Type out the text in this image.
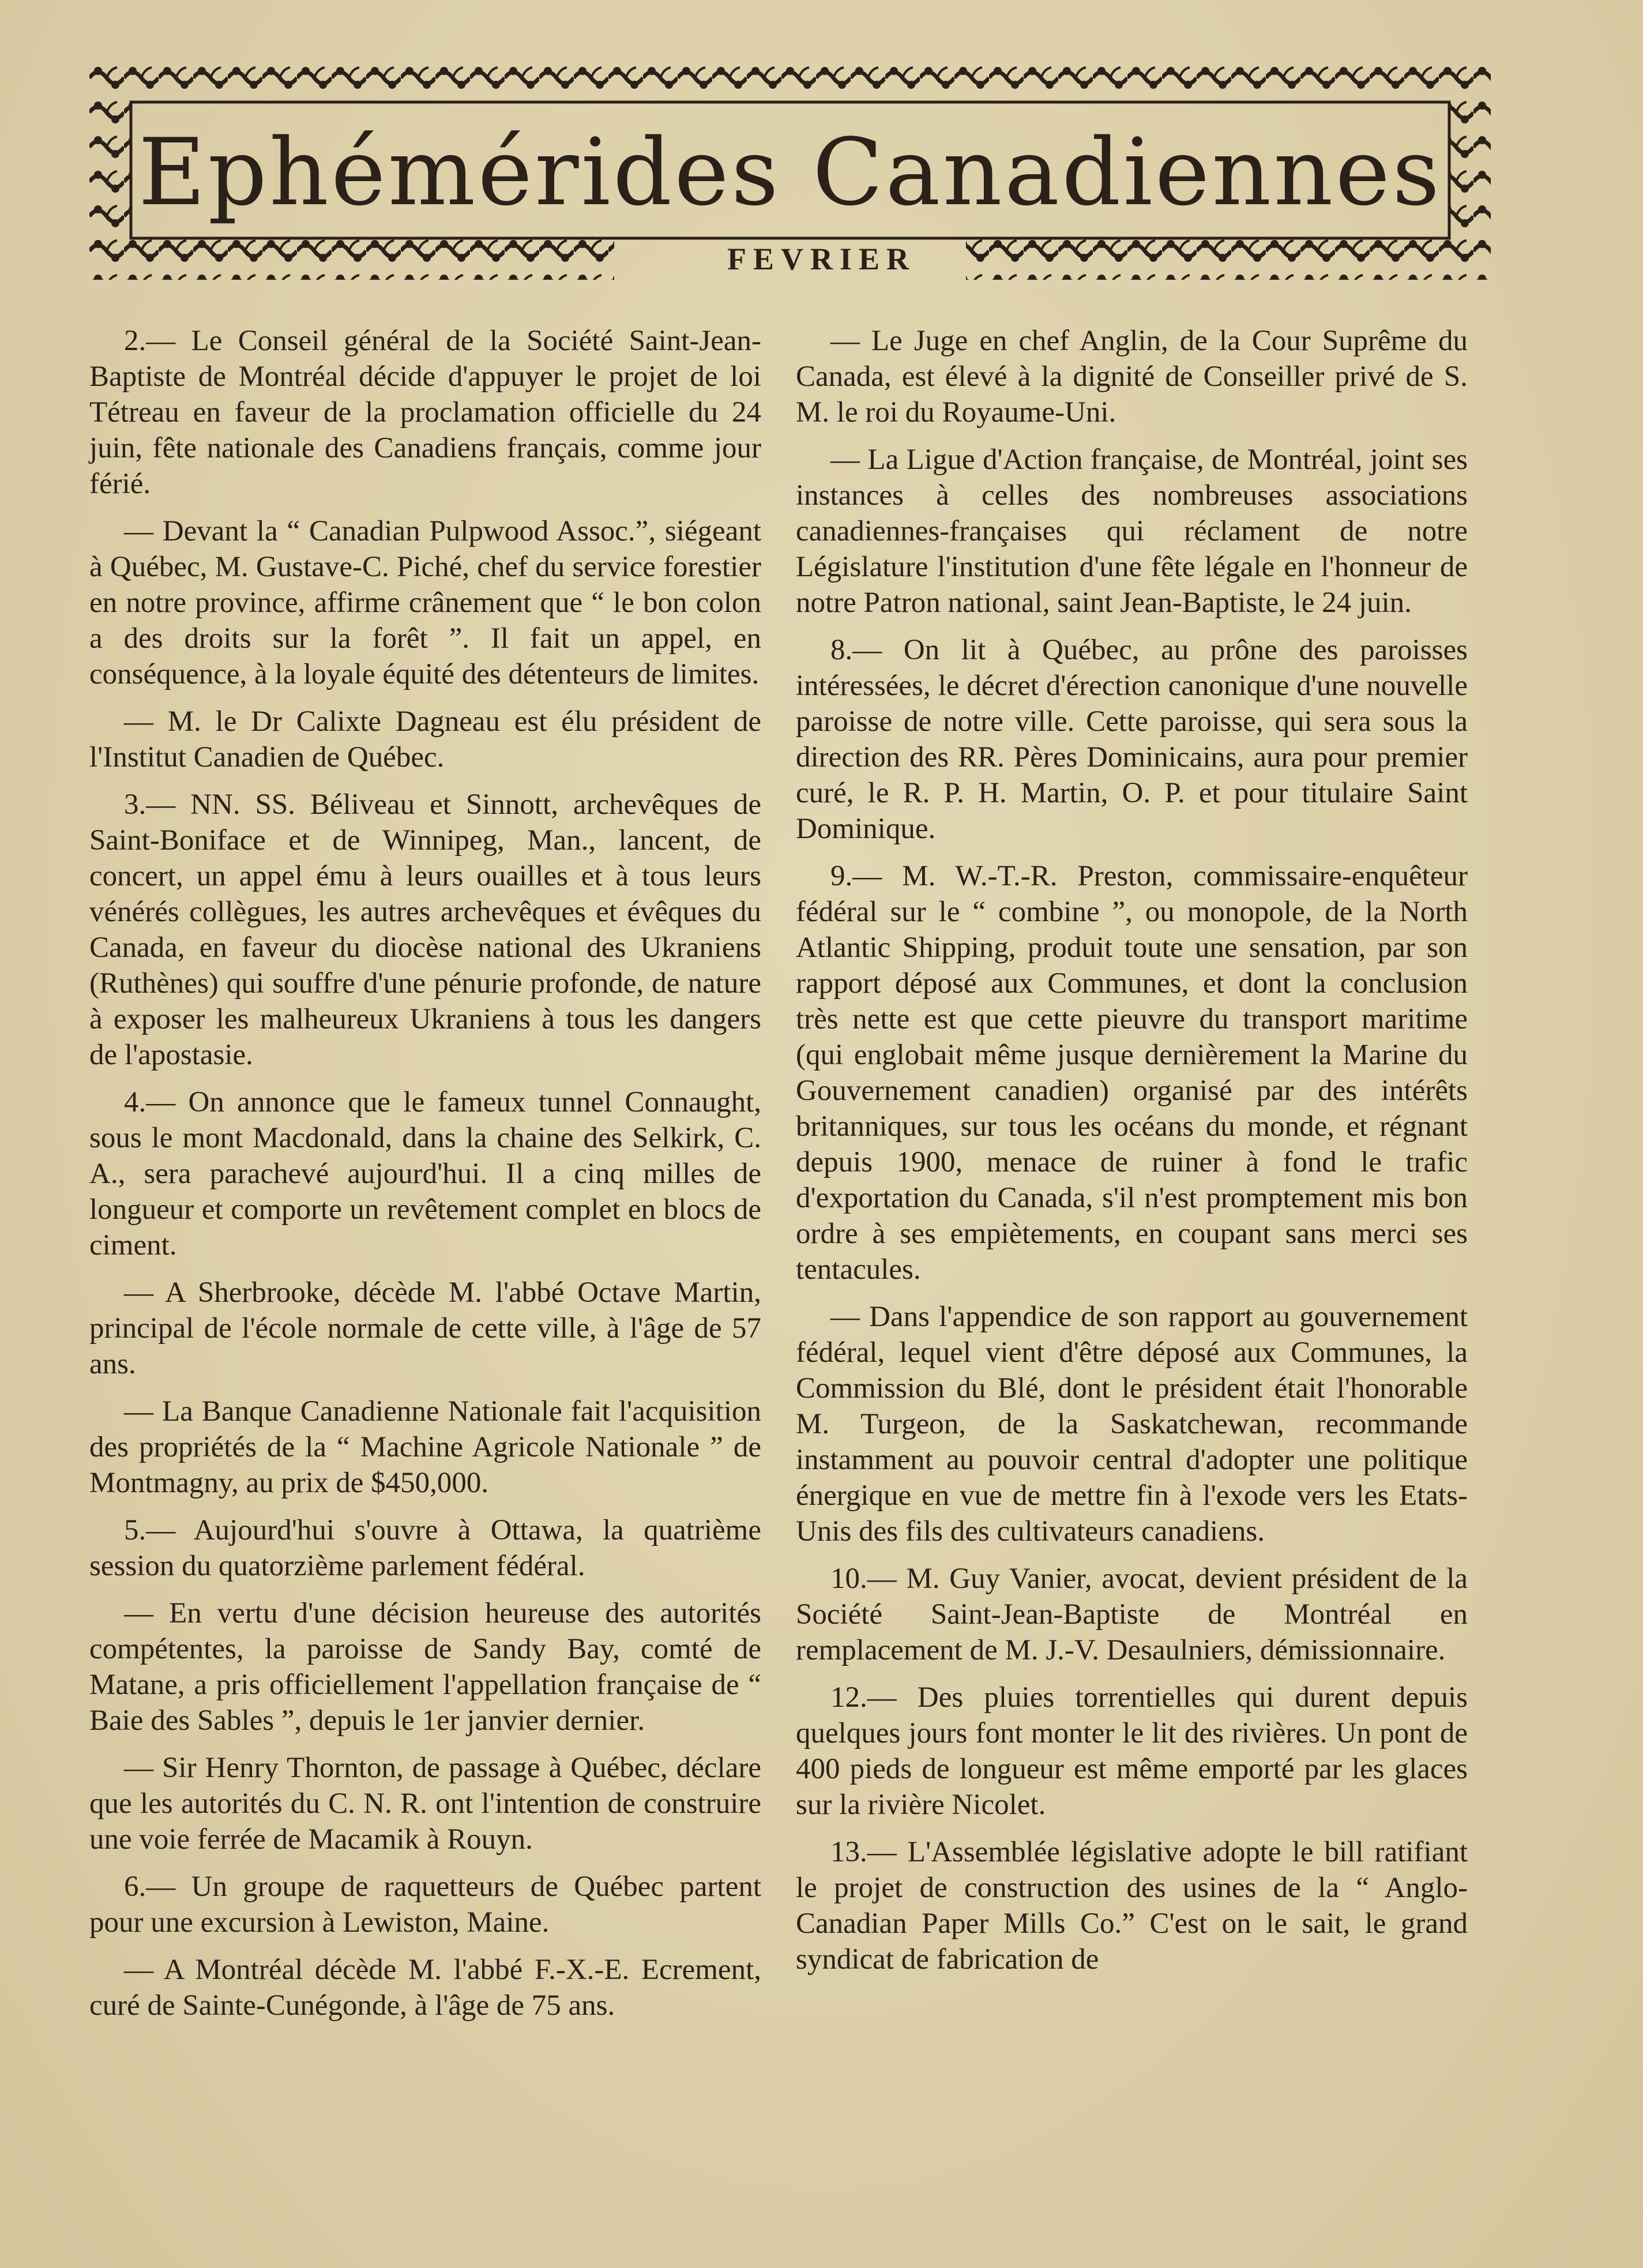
Ephémérides Canadiennes
FEVRIER

2.— Le Conseil général de la Société Saint-Jean-Baptiste de Montréal décide d'appuyer le projet de loi Tétreau en faveur de la proclamation officielle du 24 juin, fête nationale des Canadiens français, comme jour férié.

— Devant la “ Canadian Pulpwood Assoc.”, siégeant à Québec, M. Gustave-C. Piché, chef du service forestier en notre province, affirme crânement que “ le bon colon a des droits sur la forêt ”. Il fait un appel, en conséquence, à la loyale équité des détenteurs de limites.

— M. le Dr Calixte Dagneau est élu président de l'Institut Canadien de Québec.

3.— NN. SS. Béliveau et Sinnott, archevêques de Saint-Boniface et de Winnipeg, Man., lancent, de concert, un appel ému à leurs ouailles et à tous leurs vénérés collègues, les autres archevêques et évêques du Canada, en faveur du diocèse national des Ukraniens (Ruthènes) qui souffre d'une pénurie profonde, de nature à exposer les malheureux Ukraniens à tous les dangers de l'apostasie.

4.— On annonce que le fameux tunnel Connaught, sous le mont Macdonald, dans la chaine des Selkirk, C. A., sera parachevé aujourd'hui. Il a cinq milles de longueur et comporte un revêtement complet en blocs de ciment.

— A Sherbrooke, décède M. l'abbé Octave Martin, principal de l'école normale de cette ville, à l'âge de 57 ans.

— La Banque Canadienne Nationale fait l'acquisition des propriétés de la “ Machine Agricole Nationale ” de Montmagny, au prix de $450,000.

5.— Aujourd'hui s'ouvre à Ottawa, la quatrième session du quatorzième parlement fédéral.

— En vertu d'une décision heureuse des autorités compétentes, la paroisse de Sandy Bay, comté de Matane, a pris officiellement l'appellation française de “ Baie des Sables ”, depuis le 1er janvier dernier.

— Sir Henry Thornton, de passage à Québec, déclare que les autorités du C. N. R. ont l'intention de construire une voie ferrée de Macamik à Rouyn.

6.— Un groupe de raquetteurs de Québec partent pour une excursion à Lewiston, Maine.

— A Montréal décède M. l'abbé F.-X.-E. Ecrement, curé de Sainte-Cunégonde, à l'âge de 75 ans.

— Le Juge en chef Anglin, de la Cour Suprême du Canada, est élevé à la dignité de Conseiller privé de S. M. le roi du Royaume-Uni.

— La Ligue d'Action française, de Montréal, joint ses instances à celles des nombreuses associations canadiennes-françaises qui réclament de notre Législature l'institution d'une fête légale en l'honneur de notre Patron national, saint Jean-Baptiste, le 24 juin.

8.— On lit à Québec, au prône des paroisses intéressées, le décret d'érection canonique d'une nouvelle paroisse de notre ville. Cette paroisse, qui sera sous la direction des RR. Pères Dominicains, aura pour premier curé, le R. P. H. Martin, O. P. et pour titulaire Saint Dominique.

9.— M. W.-T.-R. Preston, commissaire-enquêteur fédéral sur le “ combine ”, ou monopole, de la North Atlantic Shipping, produit toute une sensation, par son rapport déposé aux Communes, et dont la conclusion très nette est que cette pieuvre du transport maritime (qui englobait même jusque dernièrement la Marine du Gouvernement canadien) organisé par des intérêts britanniques, sur tous les océans du monde, et régnant depuis 1900, menace de ruiner à fond le trafic d'exportation du Canada, s'il n'est promptement mis bon ordre à ses empiètements, en coupant sans merci ses tentacules.

— Dans l'appendice de son rapport au gouvernement fédéral, lequel vient d'être déposé aux Communes, la Commission du Blé, dont le président était l'honorable M. Turgeon, de la Saskatchewan, recommande instamment au pouvoir central d'adopter une politique énergique en vue de mettre fin à l'exode vers les Etats-Unis des fils des cultivateurs canadiens.

10.— M. Guy Vanier, avocat, devient président de la Société Saint-Jean-Baptiste de Montréal en remplacement de M. J.-V. Desaulniers, démissionnaire.

12.— Des pluies torrentielles qui durent depuis quelques jours font monter le lit des rivières. Un pont de 400 pieds de longueur est même emporté par les glaces sur la rivière Nicolet.

13.— L'Assemblée législative adopte le bill ratifiant le projet de construction des usines de la “ Anglo-Canadian Paper Mills Co.” C'est on le sait, le grand syndicat de fabrication de
